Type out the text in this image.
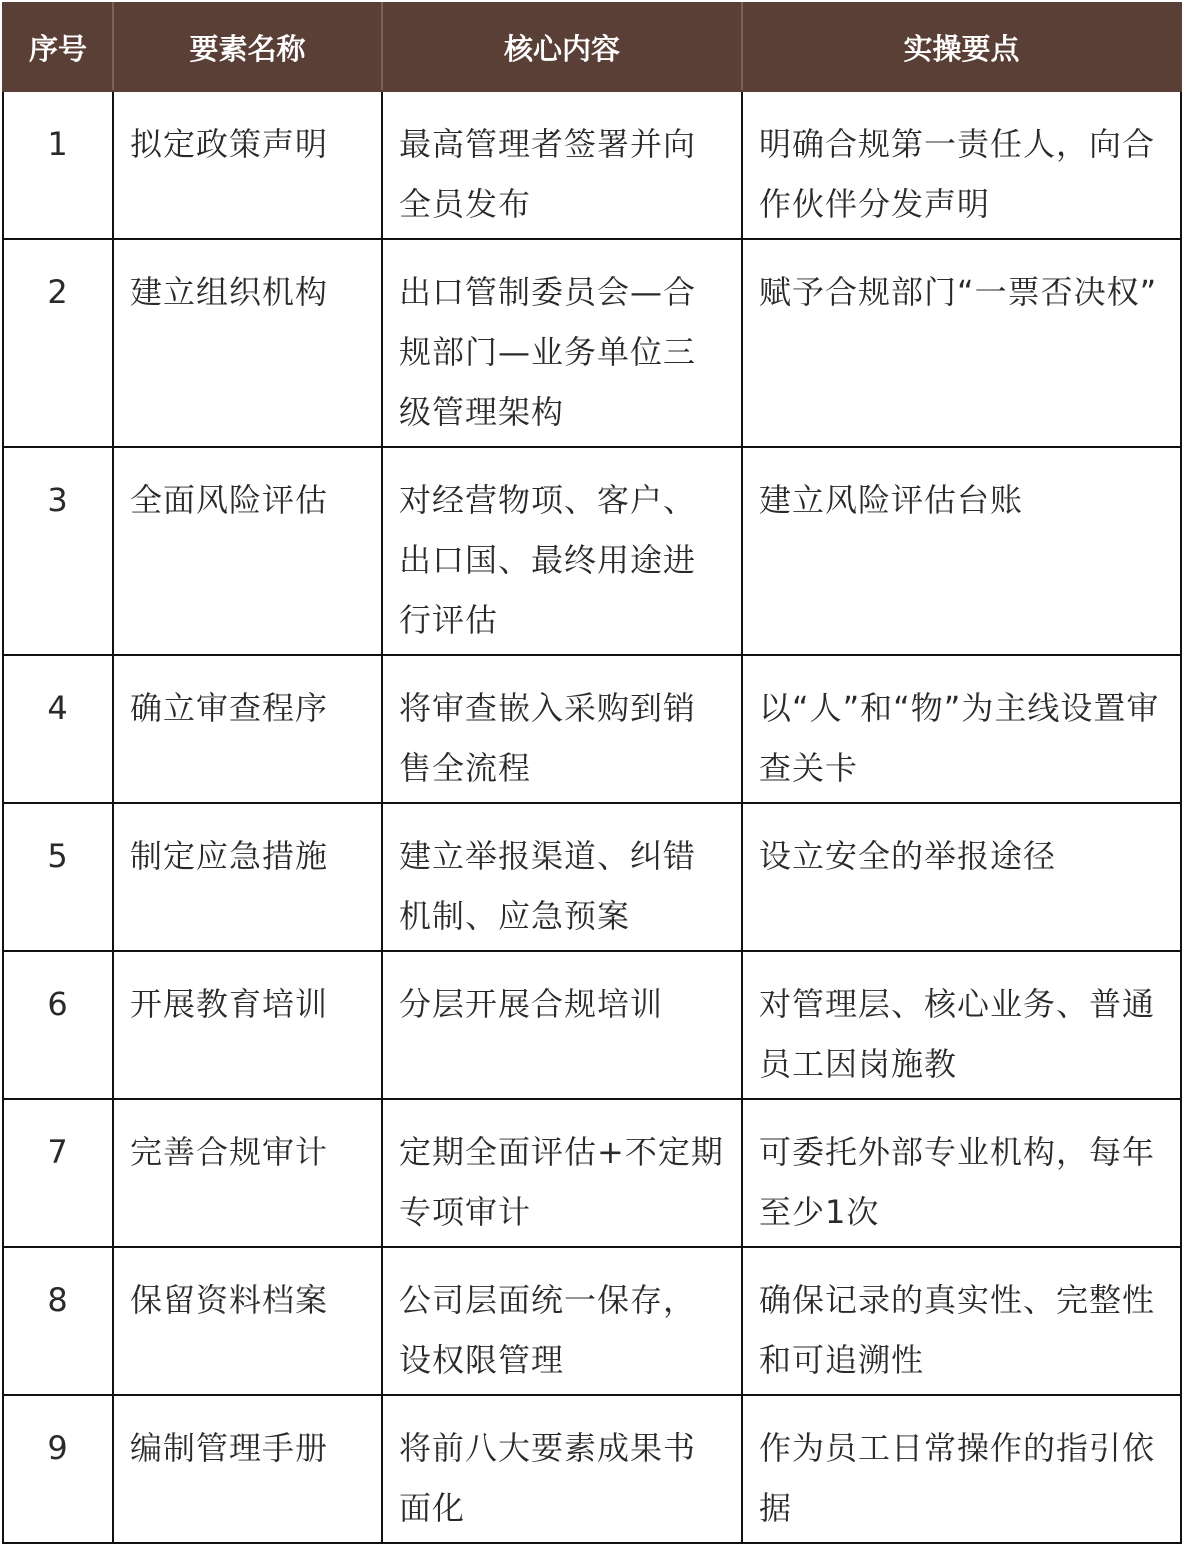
序号	要素名称	核心内容	实操要点
1	拟定政策声明	最高管理者签署并向全员发布	明确合规第一责任人，向合作伙伴分发声明
2	建立组织机构	出口管制委员会—合规部门—业务单位三级管理架构	赋予合规部门“一票否决权”
3	全面风险评估	对经营物项、客户、出口国、最终用途进行评估	建立风险评估台账
4	确立审查程序	将审查嵌入采购到销售全流程	以“人”和“物”为主线设置审查关卡
5	制定应急措施	建立举报渠道、纠错机制、应急预案	设立安全的举报途径
6	开展教育培训	分层开展合规培训	对管理层、核心业务、普通员工因岗施教
7	完善合规审计	定期全面评估+不定期专项审计	可委托外部专业机构，每年至少1次
8	保留资料档案	公司层面统一保存，设权限管理	确保记录的真实性、完整性和可追溯性
9	编制管理手册	将前八大要素成果书面化	作为员工日常操作的指引依据
